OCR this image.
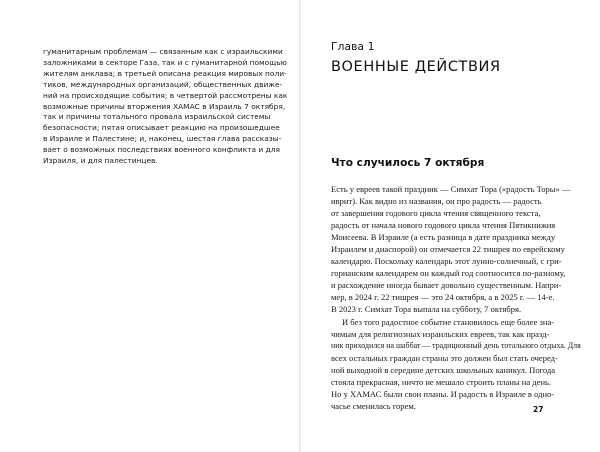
гуманитарным проблемам — связанным как с израильскими
заложниками в секторе Газа, так и с гуманитарной помощью
жителям анклава; в третьей описана реакция мировых поли-
тиков, международных организаций, общественных движе-
ний на происходящие события; в четвертой рассмотрены как
возможные причины вторжения ХАМАС в Израиль 7 октября,
так и причины тотального провала израильской системы
безопасности; пятая описывает реакцию на произошедшее
в Израиле и Палестине; и, наконец, шестая глава рассказы-
вает о возможных последствиях военного конфликта и для
Израиля, и для палестинцев.
Глава 1
ВОЕННЫЕ ДЕЙСТВИЯ
Что случилось 7 октября
Есть у евреев такой праздник — Симхат Тора («радость Торы» —
иврит). Как видно из названия, он про радость — радость
от завершения годового цикла чтения священного текста,
радость от начала нового годового цикла чтения Пятикнижия
Моисеева. В Израиле (а есть разница в дате праздника между
Израилем и диаспорой) он отмечается 22 тишрея по еврейскому
календарю. Поскольку календарь этот лунно-солнечный, с гри-
горианским календарем он каждый год соотносится по-разному,
и расхождение иногда бывает довольно существенным. Напри-
мер, в 2024 г. 22 тишрея — это 24 октября, а в 2025 г. — 14-е.
В 2023 г. Симхат Тора выпала на субботу, 7 октября.
И без того радостное событие становилось еще более зна-
чимым для религиозных израильских евреев, так как празд-
ник приходился на шаббат — традиционный день тотального отдыха. Для
всех остальных граждан страны это должен был стать очеред-
ной выходной в середине детских школьных каникул. Погода
стояла прекрасная, ничто не мешало строить планы на день.
Но у ХАМАС были свои планы. И радость в Израиле в одно-
часье сменилась горем.	27
